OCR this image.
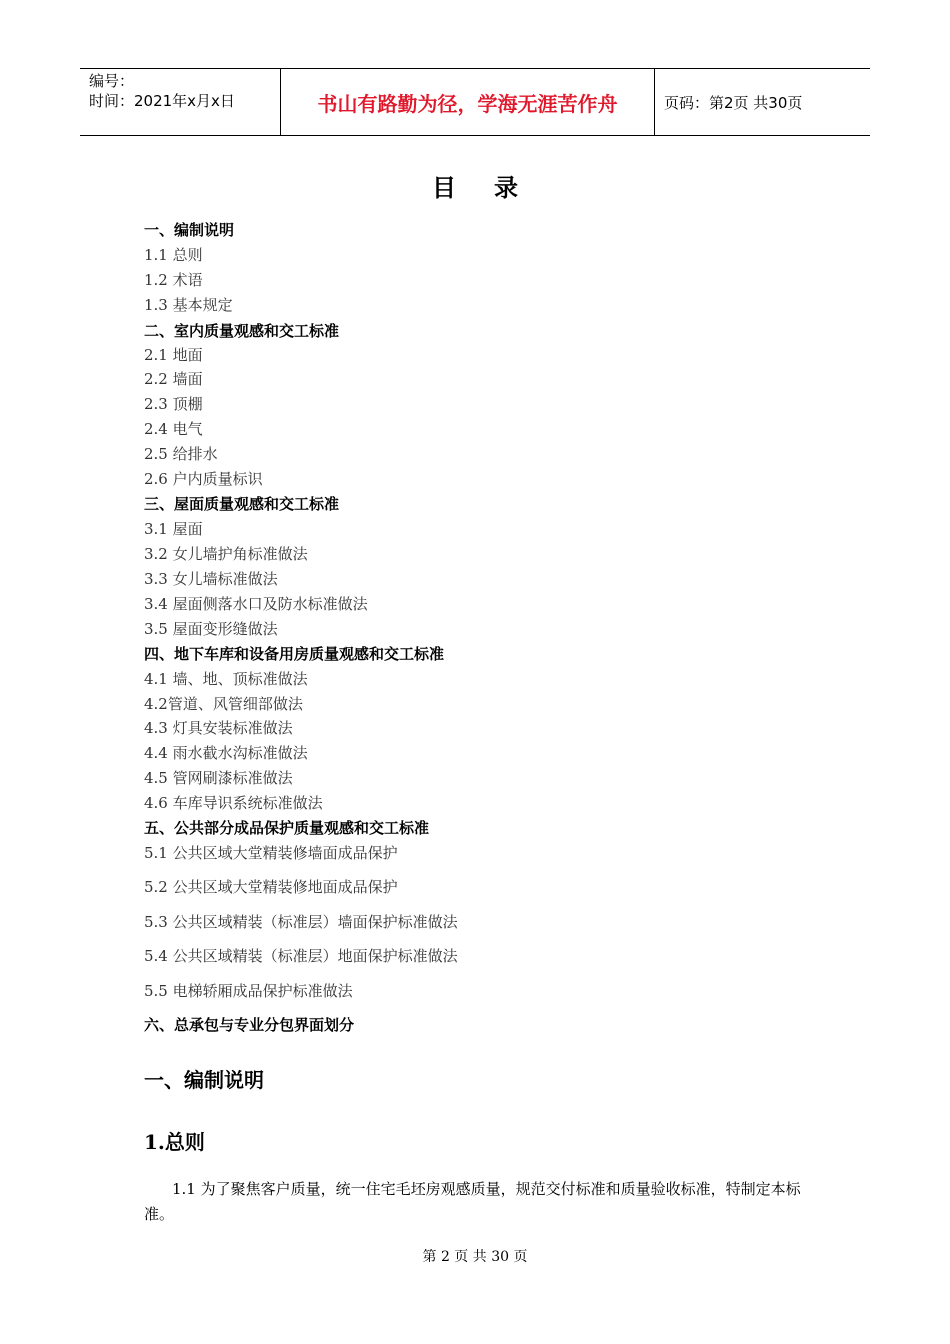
编号：
时间：2021年x月x日	书山有路勤为径，学海无涯苦作舟	页码：第2页 共30页
目录
一、编制说明
1.1 总则
1.2 术语
1.3 基本规定
二、室内质量观感和交工标准
2.1 地面
2.2 墙面
2.3 顶棚
2.4 电气
2.5 给排水
2.6 户内质量标识
三、屋面质量观感和交工标准
3.1 屋面
3.2 女儿墙护角标准做法
3.3 女儿墙标准做法
3.4 屋面侧落水口及防水标准做法
3.5 屋面变形缝做法
四、地下车库和设备用房质量观感和交工标准
4.1 墙、地、顶标准做法
4.2管道、风管细部做法
4.3 灯具安装标准做法
4.4 雨水截水沟标准做法
4.5 管网刷漆标准做法
4.6 车库导识系统标准做法
五、公共部分成品保护质量观感和交工标准
5.1 公共区域大堂精装修墙面成品保护
5.2 公共区域大堂精装修地面成品保护
5.3 公共区域精装（标准层）墙面保护标准做法
5.4 公共区域精装（标准层）地面保护标准做法
5.5 电梯轿厢成品保护标准做法
六、总承包与专业分包界面划分
一、编制说明
1.总则
1.1 为了聚焦客户质量，统一住宅毛坯房观感质量，规范交付标准和质量验收标准，特制定本标准。
第 2 页 共 30 页
